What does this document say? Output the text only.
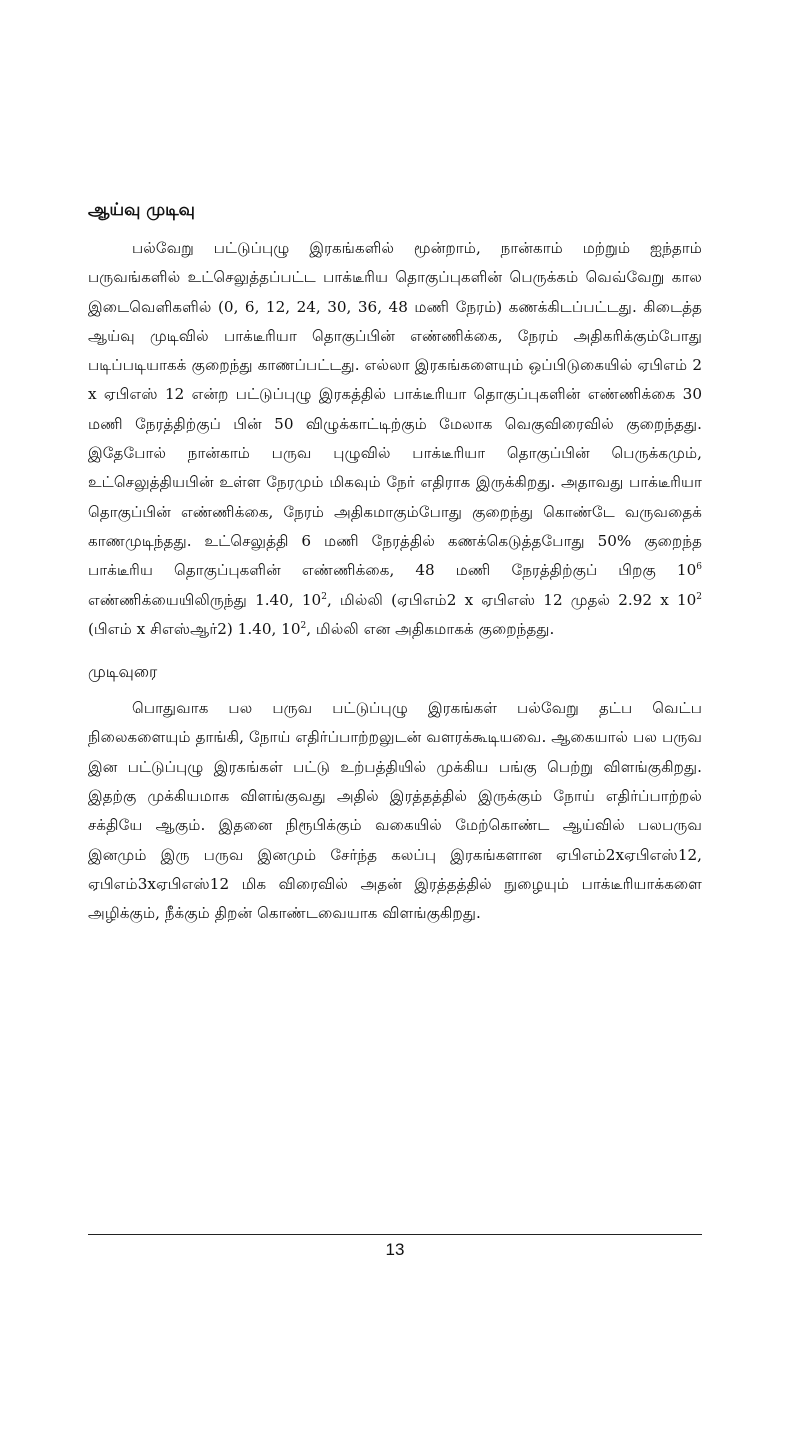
ஆய்வு முடிவு

பல்வேறு பட்டுப்புழு இரகங்களில் மூன்றாம், நான்காம் மற்றும் ஐந்தாம் பருவங்களில் உட்செலுத்தப்பட்ட பாக்டீரிய தொகுப்புகளின் பெருக்கம் வெவ்வேறு கால இடைவெளிகளில் (0, 6, 12, 24, 30, 36, 48 மணி நேரம்) கணக்கிடப்பட்டது. கிடைத்த ஆய்வு முடிவில் பாக்டீரியா தொகுப்பின் எண்ணிக்கை, நேரம் அதிகரிக்கும்போது படிப்படியாகக் குறைந்து காணப்பட்டது. எல்லா இரகங்களையும் ஒப்பிடுகையில் ஏபிஎம் 2 x ஏபிஎஸ் 12 என்ற பட்டுப்புழு இரகத்தில் பாக்டீரியா தொகுப்புகளின் எண்ணிக்கை 30 மணி நேரத்திற்குப் பின் 50 விழுக்காட்டிற்கும் மேலாக வெகுவிரைவில் குறைந்தது. இதேபோல் நான்காம் பருவ புழுவில் பாக்டீரியா தொகுப்பின் பெருக்கமும், உட்செலுத்தியபின் உள்ள நேரமும் மிகவும் நேர் எதிராக இருக்கிறது. அதாவது பாக்டீரியா தொகுப்பின் எண்ணிக்கை, நேரம் அதிகமாகும்போது குறைந்து கொண்டே வருவதைக் காணமுடிந்தது. உட்செலுத்தி 6 மணி நேரத்தில் கணக்கெடுத்தபோது 50% குறைந்த பாக்டீரிய தொகுப்புகளின் எண்ணிக்கை, 48 மணி நேரத்திற்குப் பிறகு $10^6$ எண்ணிக்யையிலிருந்து 1.40, $10^2$, மில்லி (ஏபிஎம்2 x ஏபிஎஸ் 12 முதல் 2.92 x $10^2$ (பிஎம் x சிஎஸ்ஆர்2) 1.40, $10^2$, மில்லி என அதிகமாகக் குறைந்தது.

முடிவுரை

பொதுவாக பல பருவ பட்டுப்புழு இரகங்கள் பல்வேறு தட்ப வெட்ப நிலைகளையும் தாங்கி, நோய் எதிர்ப்பாற்றலுடன் வளரக்கூடியவை. ஆகையால் பல பருவ இன பட்டுப்புழு இரகங்கள் பட்டு உற்பத்தியில் முக்கிய பங்கு பெற்று விளங்குகிறது. இதற்கு முக்கியமாக விளங்குவது அதில் இரத்தத்தில் இருக்கும் நோய் எதிர்ப்பாற்றல் சக்தியே ஆகும். இதனை நிரூபிக்கும் வகையில் மேற்கொண்ட ஆய்வில் பலபருவ இனமும் இரு பருவ இனமும் சேர்ந்த கலப்பு இரகங்களான ஏபிஎம்2xஏபிஎஸ்12, ஏபிஎம்3xஏபிஎஸ்12 மிக விரைவில் அதன் இரத்தத்தில் நுழையும் பாக்டீரியாக்களை அழிக்கும், நீக்கும் திறன் கொண்டவையாக விளங்குகிறது.

13
